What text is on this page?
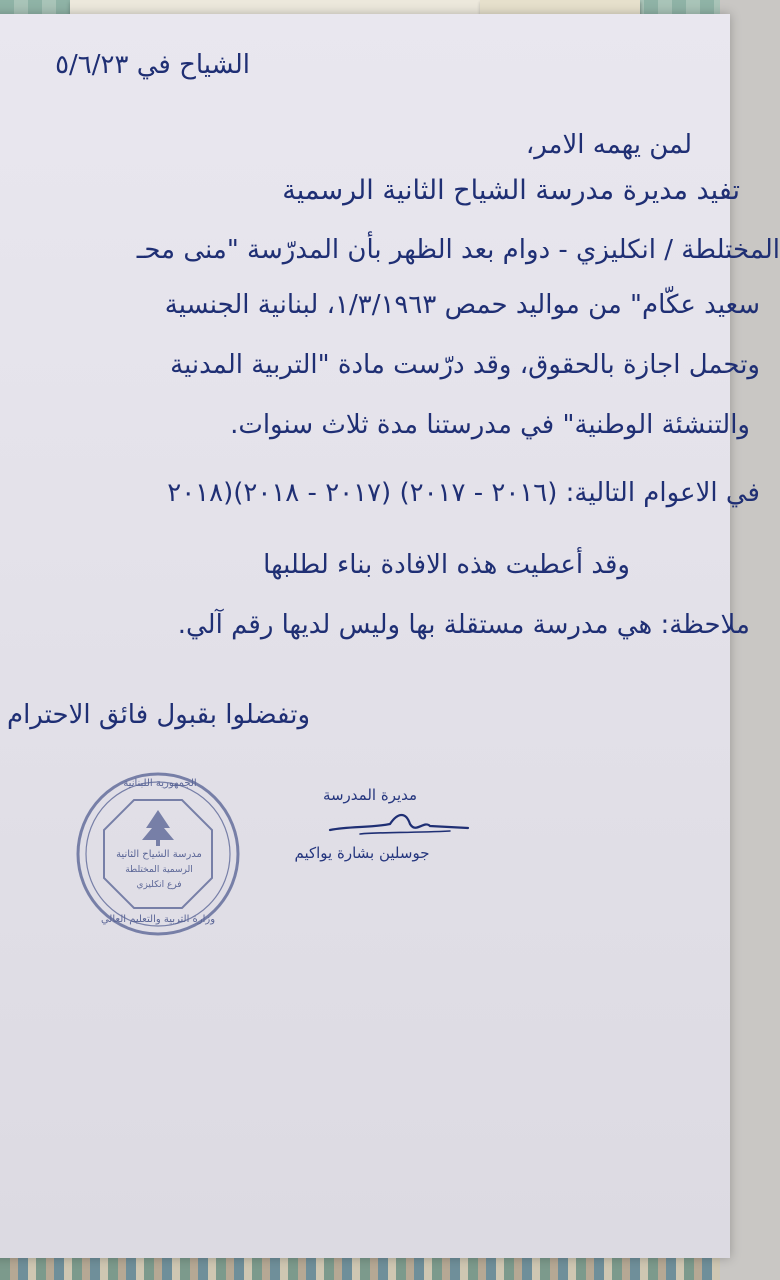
الشياح في ٥/٦/٢٣
لمن يهمه الامر،
تفيد مديرة مدرسة الشياح الثانية الرسمية
المختلطة / انكليزي - دوام بعد الظهر بأن المدرّسة "منى محـ
سعيد عكّام" من مواليد حمص ١/٣/١٩٦٣، لبنانية الجنسية
وتحمل اجازة بالحقوق، وقد درّست مادة "التربية المدنية
والتنشئة الوطنية" في مدرستنا مدة ثلاث سنوات.
في الاعوام التالية: (٢٠١٦ - ٢٠١٧) (٢٠١٧ - ٢٠١٨)(٢٠١٨
وقد أعطيت هذه الافادة بناء لطلبها
ملاحظة: هي مدرسة مستقلة بها وليس لديها رقم آلي.
وتفضلوا بقبول فائق الاحترام
مديرة المدرسة
جوسلين بشارة يواكيم
الجمهورية اللبنانية
مدرسة الشياح الثانية
الرسمية المختلطة
فرع انكليزي
وزارة التربية والتعليم العالي
